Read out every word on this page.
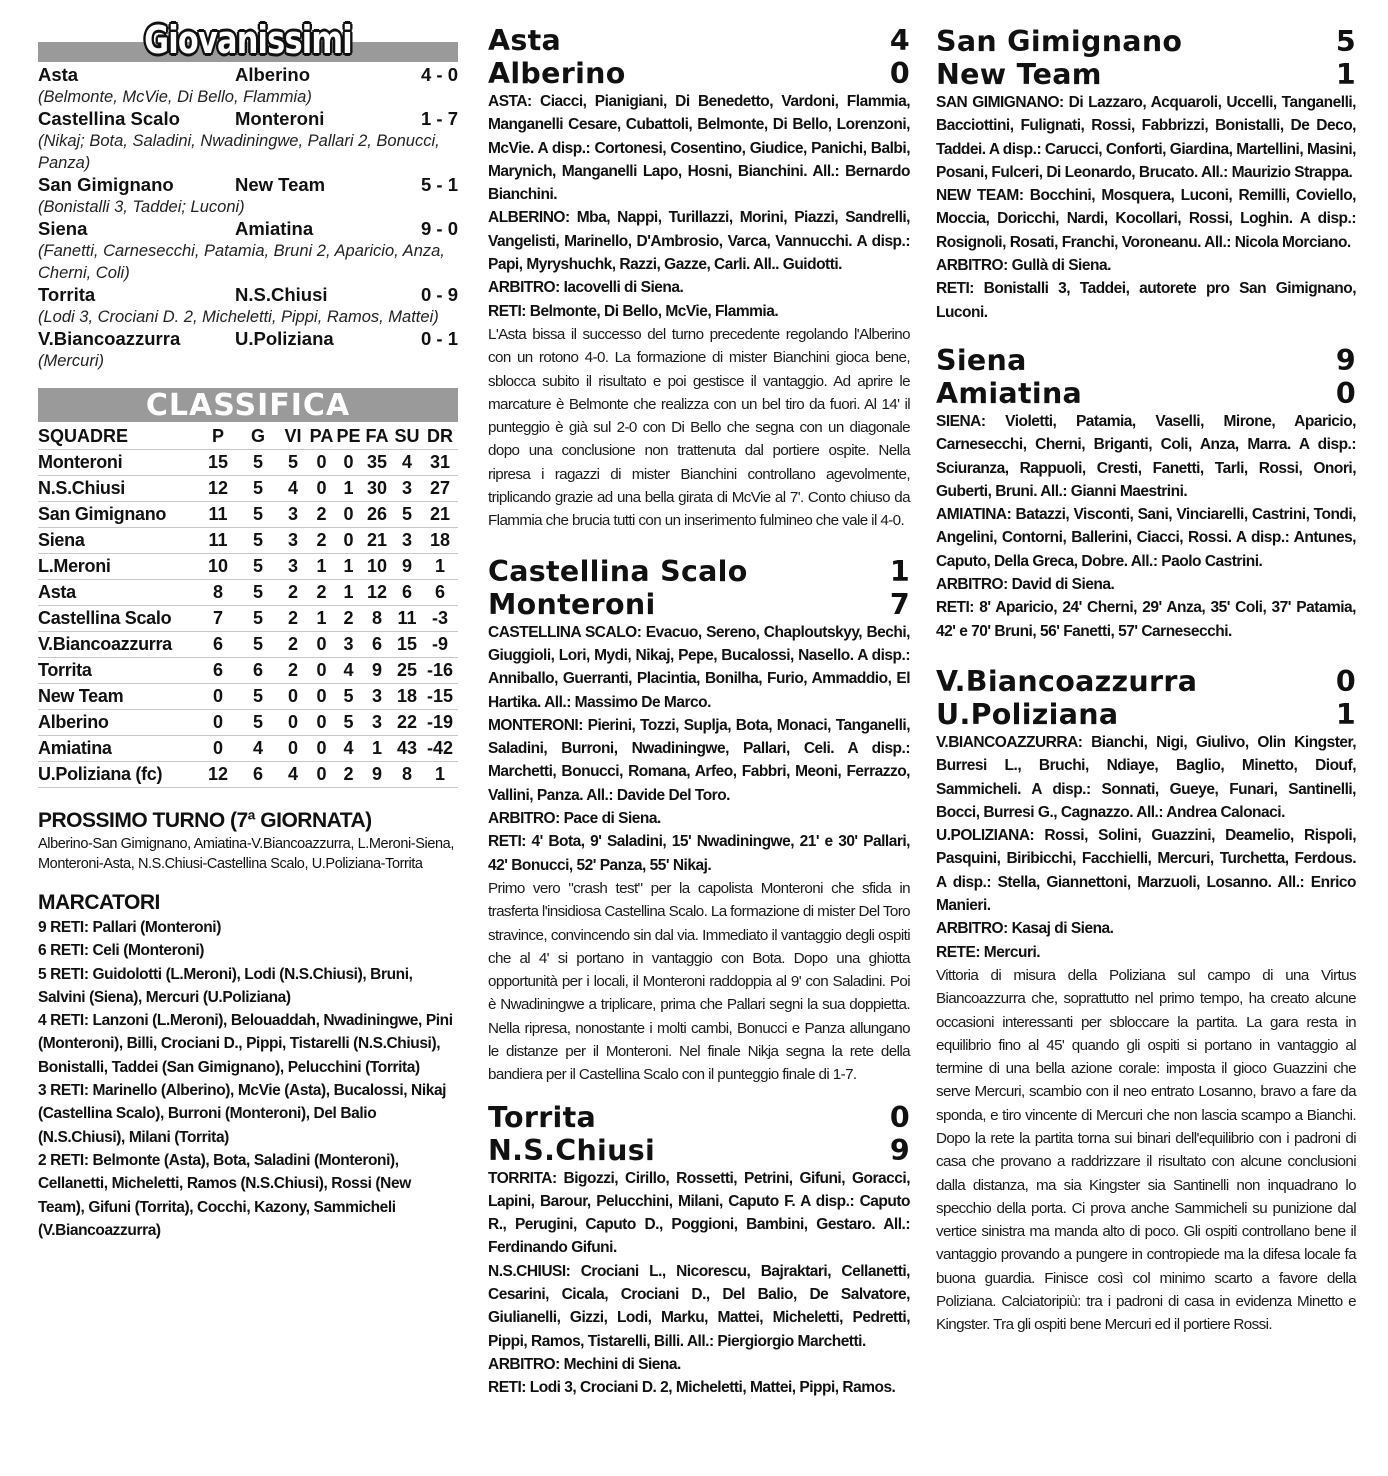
Giovanissimi
Asta	Alberino	4 - 0
(Belmonte, McVie, Di Bello, Flammia)
Castellina Scalo	Monteroni	1 - 7
(Nikaj; Bota, Saladini, Nwadiningwe, Pallari 2, Bonucci, Panza)
San Gimignano	New Team	5 - 1
(Bonistalli 3, Taddei; Luconi)
Siena	Amiatina	9 - 0
(Fanetti, Carnesecchi, Patamia, Bruni 2, Aparicio, Anza, Cherni, Coli)
Torrita	N.S.Chiusi	0 - 9
(Lodi 3, Crociani D. 2, Micheletti, Pippi, Ramos, Mattei)
V.Biancoazzurra	U.Poliziana	0 - 1
(Mercuri)
CLASSIFICA
SQUADRE	P	G	VI	PA	PE	FA	SU	DR
Monteroni	15	5	5	0	0	35	4	31
N.S.Chiusi	12	5	4	0	1	30	3	27
San Gimignano	11	5	3	2	0	26	5	21
Siena	11	5	3	2	0	21	3	18
L.Meroni	10	5	3	1	1	10	9	1
Asta	8	5	2	2	1	12	6	6
Castellina Scalo	7	5	2	1	2	8	11	-3
V.Biancoazzurra	6	5	2	0	3	6	15	-9
Torrita	6	6	2	0	4	9	25	-16
New Team	0	5	0	0	5	3	18	-15
Alberino	0	5	0	0	5	3	22	-19
Amiatina	0	4	0	0	4	1	43	-42
U.Poliziana (fc)	12	6	4	0	2	9	8	1
PROSSIMO TURNO (7ª GIORNATA)
Alberino-San Gimignano, Amiatina-V.Biancoazzurra, L.Meroni-Siena, Monteroni-Asta, N.S.Chiusi-Castellina Scalo, U.Poliziana-Torrita
MARCATORI
9 RETI: Pallari (Monteroni)
6 RETI: Celi (Monteroni)
5 RETI: Guidolotti (L.Meroni), Lodi (N.S.Chiusi), Bruni, Salvini (Siena), Mercuri (U.Poliziana)
4 RETI: Lanzoni (L.Meroni), Belouaddah, Nwadiningwe, Pini (Monteroni), Billi, Crociani D., Pippi, Tistarelli (N.S.Chiusi), Bonistalli, Taddei (San Gimignano), Pelucchini (Torrita)
3 RETI: Marinello (Alberino), McVie (Asta), Bucalossi, Nikaj (Castellina Scalo), Burroni (Monteroni), Del Balio (N.S.Chiusi), Milani (Torrita)
2 RETI: Belmonte (Asta), Bota, Saladini (Monteroni), Cellanetti, Micheletti, Ramos (N.S.Chiusi), Rossi (New Team), Gifuni (Torrita), Cocchi, Kazony, Sammicheli (V.Biancoazzurra)
Asta	4
Alberino	0
ASTA: Ciacci, Pianigiani, Di Benedetto, Vardoni, Flammia, Manganelli Cesare, Cubattoli, Belmonte, Di Bello, Lorenzoni, McVie. A disp.: Cortonesi, Cosentino, Giudice, Panichi, Balbi, Marynich, Manganelli Lapo, Hosni, Bianchini. All.: Bernardo Bianchini.
ALBERINO: Mba, Nappi, Turillazzi, Morini, Piazzi, Sandrelli, Vangelisti, Marinello, D'Ambrosio, Varca, Vannucchi. A disp.: Papi, Myryshuchk, Razzi, Gazze, Carli. All.. Guidotti.
ARBITRO: Iacovelli di Siena.
RETI: Belmonte, Di Bello, McVie, Flammia.
L'Asta bissa il successo del turno precedente regolando l'Alberino con un rotono 4-0. La formazione di mister Bianchini gioca bene, sblocca subito il risultato e poi gestisce il vantaggio. Ad aprire le marcature è Belmonte che realizza con un bel tiro da fuori. Al 14' il punteggio è già sul 2-0 con Di Bello che segna con un diagonale dopo una conclusione non trattenuta dal portiere ospite. Nella ripresa i ragazzi di mister Bianchini controllano agevolmente, triplicando grazie ad una bella girata di McVie al 7'. Conto chiuso da Flammia che brucia tutti con un inserimento fulmineo che vale il 4-0.
Castellina Scalo	1
Monteroni	7
CASTELLINA SCALO: Evacuo, Sereno, Chaploutskyy, Bechi, Giuggioli, Lori, Mydi, Nikaj, Pepe, Bucalossi, Nasello. A disp.: Anniballo, Guerranti, Placintia, Bonilha, Furio, Ammaddio, El Hartika. All.: Massimo De Marco.
MONTERONI: Pierini, Tozzi, Suplja, Bota, Monaci, Tanganelli, Saladini, Burroni, Nwadiningwe, Pallari, Celi. A disp.: Marchetti, Bonucci, Romana, Arfeo, Fabbri, Meoni, Ferrazzo, Vallini, Panza. All.: Davide Del Toro.
ARBITRO: Pace di Siena.
RETI: 4' Bota, 9' Saladini, 15' Nwadiningwe, 21' e 30' Pallari, 42' Bonucci, 52' Panza, 55' Nikaj.
Primo vero "crash test" per la capolista Monteroni che sfida in trasferta l'insidiosa Castellina Scalo. La formazione di mister Del Toro stravince, convincendo sin dal via. Immediato il vantaggio degli ospiti che al 4' si portano in vantaggio con Bota. Dopo una ghiotta opportunità per i locali, il Monteroni raddoppia al 9' con Saladini. Poi è Nwadiningwe a triplicare, prima che Pallari segni la sua doppietta. Nella ripresa, nonostante i molti cambi, Bonucci e Panza allungano le distanze per il Monteroni. Nel finale Nikja segna la rete della bandiera per il Castellina Scalo con il punteggio finale di 1-7.
Torrita	0
N.S.Chiusi	9
TORRITA: Bigozzi, Cirillo, Rossetti, Petrini, Gifuni, Goracci, Lapini, Barour, Pelucchini, Milani, Caputo F. A disp.: Caputo R., Perugini, Caputo D., Poggioni, Bambini, Gestaro. All.: Ferdinando Gifuni.
N.S.CHIUSI: Crociani L., Nicorescu, Bajraktari, Cellanetti, Cesarini, Cicala, Crociani D., Del Balio, De Salvatore, Giulianelli, Gizzi, Lodi, Marku, Mattei, Micheletti, Pedretti, Pippi, Ramos, Tistarelli, Billi. All.: Piergiorgio Marchetti.
ARBITRO: Mechini di Siena.
RETI: Lodi 3, Crociani D. 2, Micheletti, Mattei, Pippi, Ramos.
San Gimignano	5
New Team	1
SAN GIMIGNANO: Di Lazzaro, Acquaroli, Uccelli, Tanganelli, Bacciottini, Fulignati, Rossi, Fabbrizzi, Bonistalli, De Deco, Taddei. A disp.: Carucci, Conforti, Giardina, Martellini, Masini, Posani, Fulceri, Di Leonardo, Brucato. All.: Maurizio Strappa.
NEW TEAM: Bocchini, Mosquera, Luconi, Remilli, Coviello, Moccia, Doricchi, Nardi, Kocollari, Rossi, Loghin. A disp.: Rosignoli, Rosati, Franchi, Voroneanu. All.: Nicola Morciano.
ARBITRO: Gullà di Siena.
RETI: Bonistalli 3, Taddei, autorete pro San Gimignano, Luconi.
Siena	9
Amiatina	0
SIENA: Violetti, Patamia, Vaselli, Mirone, Aparicio, Carnesecchi, Cherni, Briganti, Coli, Anza, Marra. A disp.: Sciuranza, Rappuoli, Cresti, Fanetti, Tarli, Rossi, Onori, Guberti, Bruni. All.: Gianni Maestrini.
AMIATINA: Batazzi, Visconti, Sani, Vinciarelli, Castrini, Tondi, Angelini, Contorni, Ballerini, Ciacci, Rossi. A disp.: Antunes, Caputo, Della Greca, Dobre. All.: Paolo Castrini.
ARBITRO: David di Siena.
RETI: 8' Aparicio, 24' Cherni, 29' Anza, 35' Coli, 37' Patamia, 42' e 70' Bruni, 56' Fanetti, 57' Carnesecchi.
V.Biancoazzurra	0
U.Poliziana	1
V.BIANCOAZZURRA: Bianchi, Nigi, Giulivo, Olin Kingster, Burresi L., Bruchi, Ndiaye, Baglio, Minetto, Diouf, Sammicheli. A disp.: Sonnati, Gueye, Funari, Santinelli, Bocci, Burresi G., Cagnazzo. All.: Andrea Calonaci.
U.POLIZIANA: Rossi, Solini, Guazzini, Deamelio, Rispoli, Pasquini, Biribicchi, Facchielli, Mercuri, Turchetta, Ferdous. A disp.: Stella, Giannettoni, Marzuoli, Losanno. All.: Enrico Manieri.
ARBITRO: Kasaj di Siena.
RETE: Mercuri.
Vittoria di misura della Poliziana sul campo di una Virtus Biancoazzurra che, soprattutto nel primo tempo, ha creato alcune occasioni interessanti per sbloccare la partita. La gara resta in equilibrio fino al 45' quando gli ospiti si portano in vantaggio al termine di una bella azione corale: imposta il gioco Guazzini che serve Mercuri, scambio con il neo entrato Losanno, bravo a fare da sponda, e tiro vincente di Mercuri che non lascia scampo a Bianchi. Dopo la rete la partita torna sui binari dell'equilibrio con i padroni di casa che provano a raddrizzare il risultato con alcune conclusioni dalla distanza, ma sia Kingster sia Santinelli non inquadrano lo specchio della porta. Ci prova anche Sammicheli su punizione dal vertice sinistra ma manda alto di poco. Gli ospiti controllano bene il vantaggio provando a pungere in contropiede ma la difesa locale fa buona guardia. Finisce così col minimo scarto a favore della Poliziana. Calciatoripiù: tra i padroni di casa in evidenza Minetto e Kingster. Tra gli ospiti bene Mercuri ed il portiere Rossi.
